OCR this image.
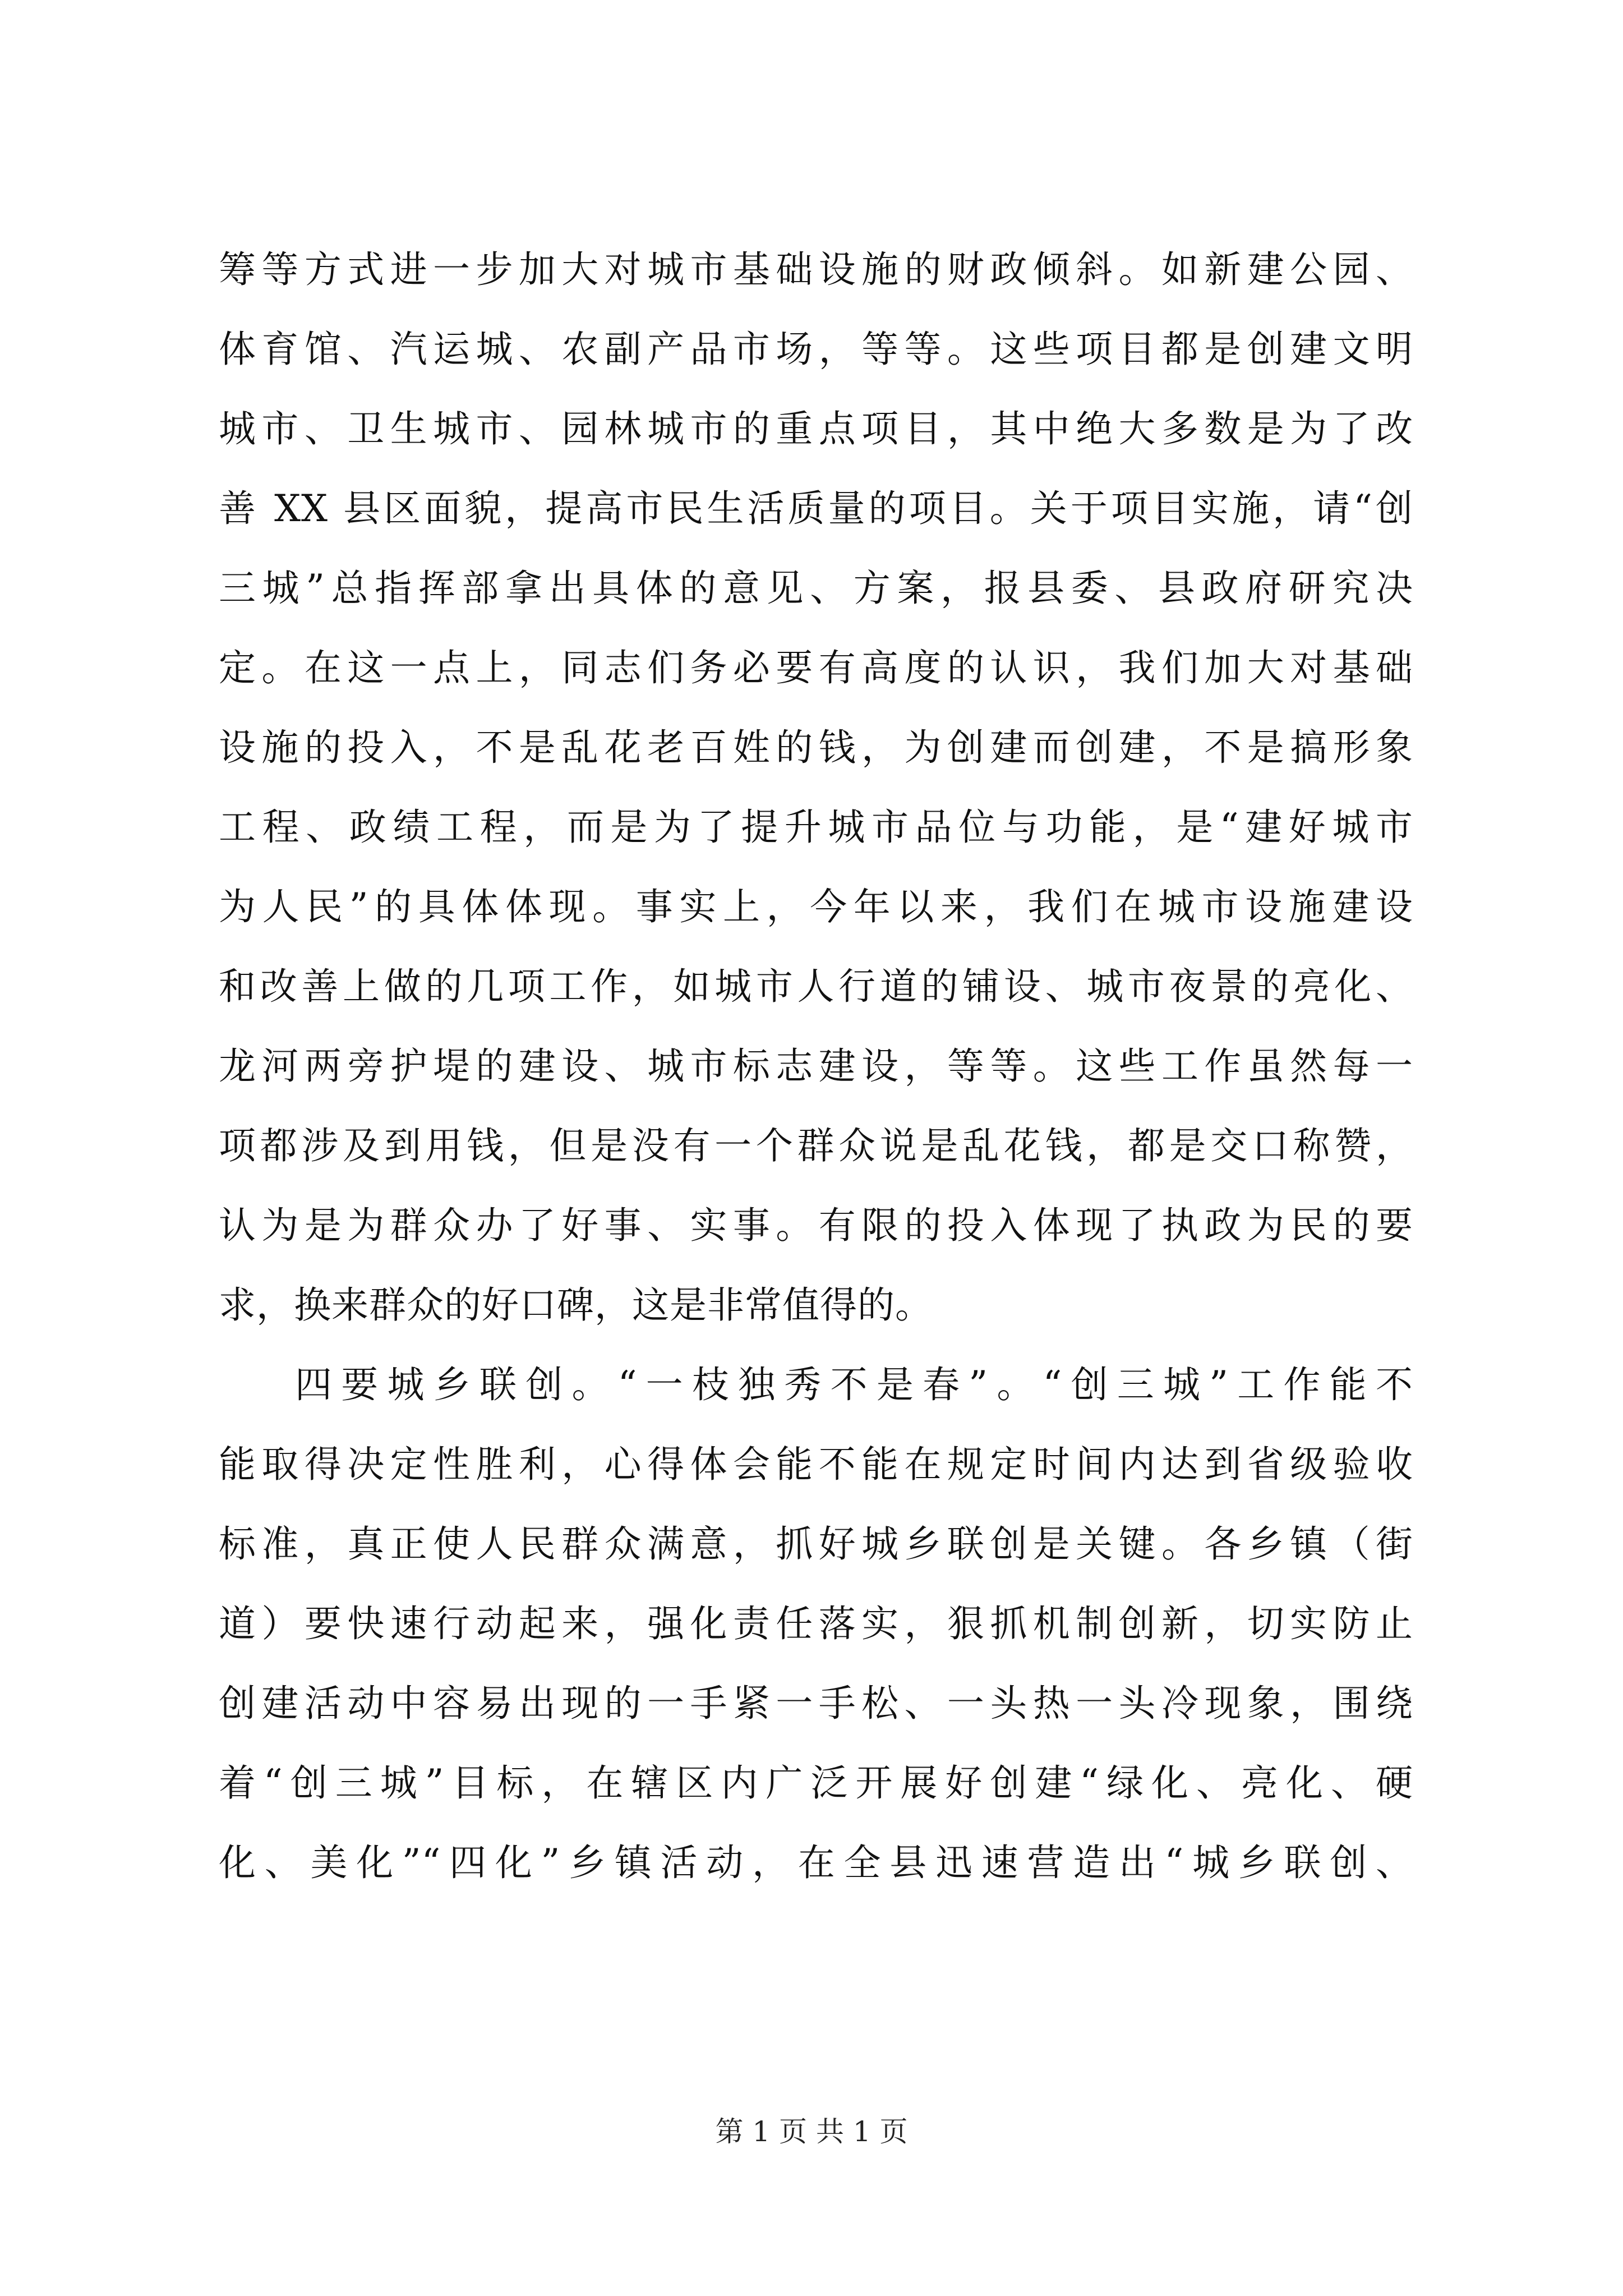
筹等方式进一步加大对城市基础设施的财政倾斜。如新建公园、
体育馆、汽运城、农副产品市场，等等。这些项目都是创建文明
城市、卫生城市、园林城市的重点项目，其中绝大多数是为了改
善 XX 县区面貌，提高市民生活质量的项目。关于项目实施，请“创
三城”总指挥部拿出具体的意见、方案，报县委、县政府研究决
定。在这一点上，同志们务必要有高度的认识，我们加大对基础
设施的投入，不是乱花老百姓的钱，为创建而创建，不是搞形象
工程、政绩工程，而是为了提升城市品位与功能，是“建好城市
为人民”的具体体现。事实上，今年以来，我们在城市设施建设
和改善上做的几项工作，如城市人行道的铺设、城市夜景的亮化、
龙河两旁护堤的建设、城市标志建设，等等。这些工作虽然每一
项都涉及到用钱，但是没有一个群众说是乱花钱，都是交口称赞，
认为是为群众办了好事、实事。有限的投入体现了执政为民的要
求，换来群众的好口碑，这是非常值得的。
四要城乡联创。“一枝独秀不是春”。“创三城”工作能不
能取得决定性胜利，心得体会能不能在规定时间内达到省级验收
标准，真正使人民群众满意，抓好城乡联创是关键。各乡镇（街
道）要快速行动起来，强化责任落实，狠抓机制创新，切实防止
创建活动中容易出现的一手紧一手松、一头热一头冷现象，围绕
着“创三城”目标，在辖区内广泛开展好创建“绿化、亮化、硬
化、美化”“四化”乡镇活动，在全县迅速营造出“城乡联创、
第 1 页 共 1 页
